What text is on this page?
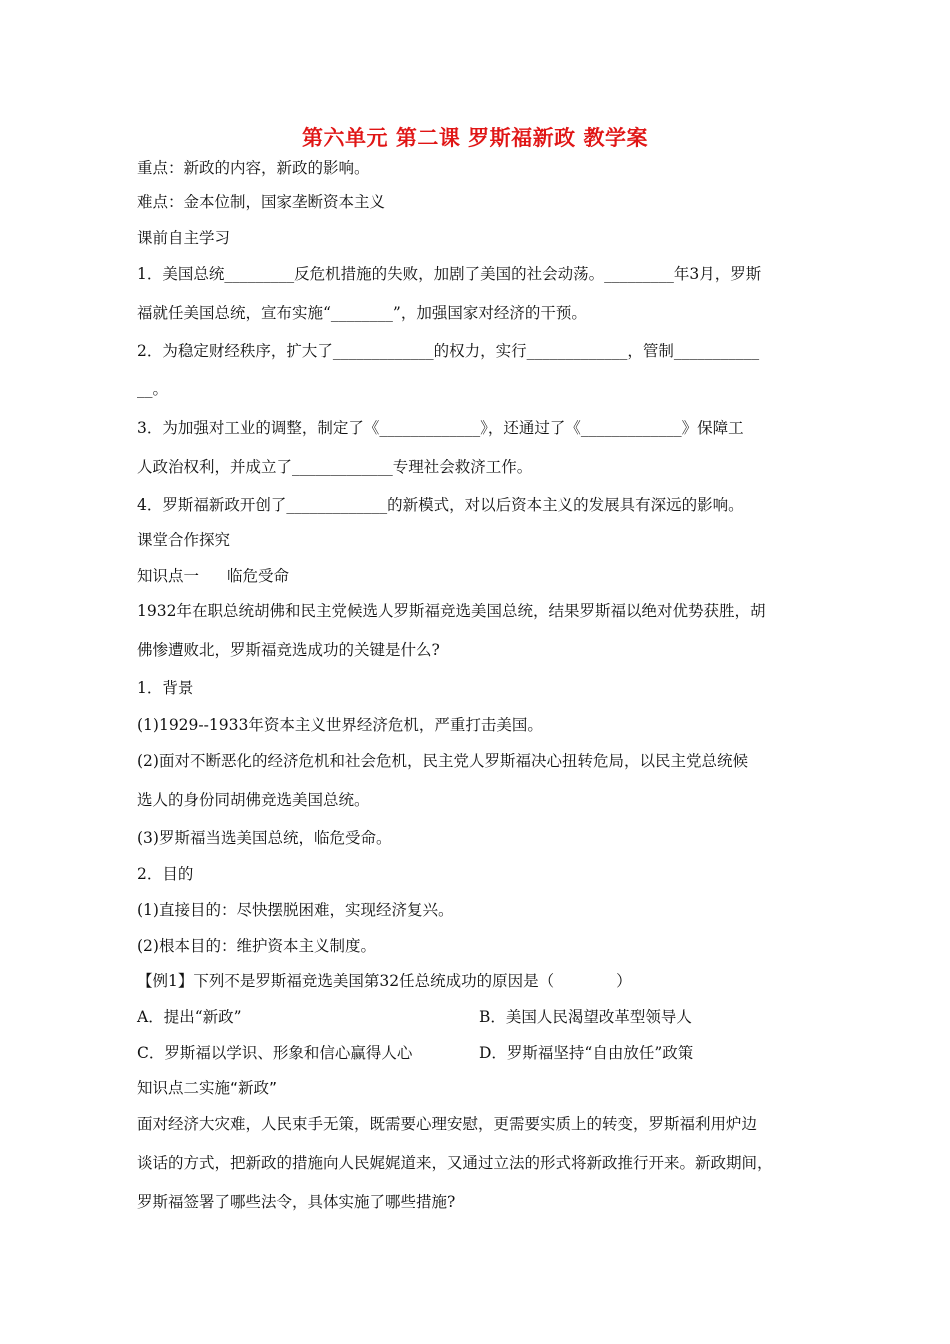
第六单元 第二课 罗斯福新政 教学案
重点：新政的内容，新政的影响。
难点：金本位制，国家垄断资本主义
课前自主学习
1．美国总统_________反危机措施的失败，加剧了美国的社会动荡。_________年3月，罗斯
福就任美国总统，宣布实施“________”，加强国家对经济的干预。
2．为稳定财经秩序，扩大了_____________的权力，实行_____________，管制___________
__。
3．为加强对工业的调整，制定了《_____________》，还通过了《_____________》保障工
人政治权利，并成立了_____________专理社会救济工作。
4．罗斯福新政开创了_____________的新模式，对以后资本主义的发展具有深远的影响。
课堂合作探究
知识点一 临危受命
1932年在职总统胡佛和民主党候选人罗斯福竞选美国总统，结果罗斯福以绝对优势获胜，胡
佛惨遭败北，罗斯福竞选成功的关键是什么?
1．背景
(1)1929--1933年资本主义世界经济危机，严重打击美国。
(2)面对不断恶化的经济危机和社会危机，民主党人罗斯福决心扭转危局，以民主党总统候
选人的身份同胡佛竞选美国总统。
(3)罗斯福当选美国总统，临危受命。
2．目的
(1)直接目的：尽快摆脱困难，实现经济复兴。
(2)根本目的：维护资本主义制度。
【例1】下列不是罗斯福竞选美国第32任总统成功的原因是（	）
A．提出“新政”	B．美国人民渴望改革型领导人
C．罗斯福以学识、形象和信心赢得人心	D．罗斯福坚持“自由放任”政策
知识点二实施“新政”
面对经济大灾难，人民束手无策，既需要心理安慰，更需要实质上的转变，罗斯福利用炉边
谈话的方式，把新政的措施向人民娓娓道来，又通过立法的形式将新政推行开来。新政期间，
罗斯福签署了哪些法令，具体实施了哪些措施?
